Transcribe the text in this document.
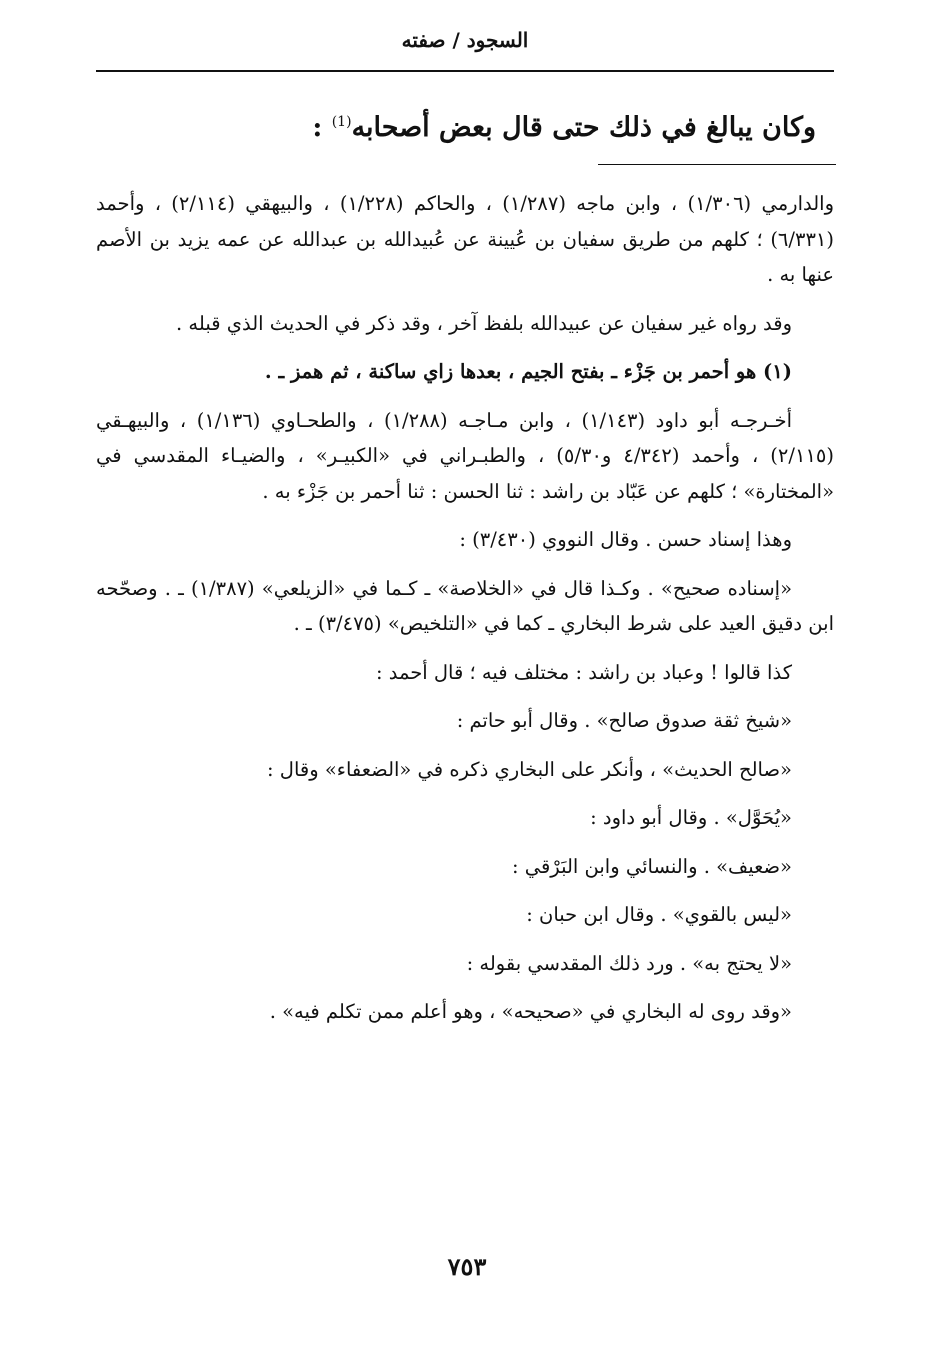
السجود / صفته
وكان يبالغ في ذلك حتى قال بعض أصحابه$^{(1)}$ :

والدارمي (١/٣٠٦) ، وابن ماجه (١/٢٨٧) ، والحاكم (١/٢٢٨) ، والبيهقي (٢/١١٤) ، وأحمد (٦/٣٣١) ؛ كلهم من طريق سفيان بن عُيينة عن عُبيدالله بن عبدالله عن عمه يزيد بن الأصم عنها به .

وقد رواه غير سفيان عن عبيدالله بلفظ آخر ، وقد ذكر في الحديث الذي قبله .

(١) هو أحمر بن جَزْء ـ بفتح الجيم ، بعدها زاي ساكنة ، ثم همز ـ .

أخـرجـه أبو داود (١/١٤٣) ، وابن مـاجـه (١/٢٨٨) ، والطحـاوي (١/١٣٦) ، والبيهـقي (٢/١١٥) ، وأحمد (٤/٣٤٢ و٥/٣٠) ، والطبـراني في «الكبيـر» ، والضيـاء المقدسي في «المختارة» ؛ كلهم عن عَبّاد بن راشد : ثنا الحسن : ثنا أحمر بن جَزْء به .

وهذا إسناد حسن . وقال النووي (٣/٤٣٠) :

«إسناده صحيح» . وكـذا قال في «الخلاصة» ـ كـما في «الزيلعي» (١/٣٨٧) ـ . وصحّحه ابن دقيق العيد على شرط البخاري ـ كما في «التلخيص» (٣/٤٧٥) ـ .

كذا قالوا ! وعباد بن راشد : مختلف فيه ؛ قال أحمد :

«شيخ ثقة صدوق صالح» . وقال أبو حاتم :

«صالح الحديث» ، وأنكر على البخاري ذكره في «الضعفاء» وقال :

«يُحَوَّل» . وقال أبو داود :

«ضعيف» . والنسائي وابن البَرْقي :

«ليس بالقوي» . وقال ابن حبان :

«لا يحتج به» . ورد ذلك المقدسي بقوله :

«وقد روى له البخاري في «صحيحه» ، وهو أعلم ممن تكلم فيه» .

٧٥٣
